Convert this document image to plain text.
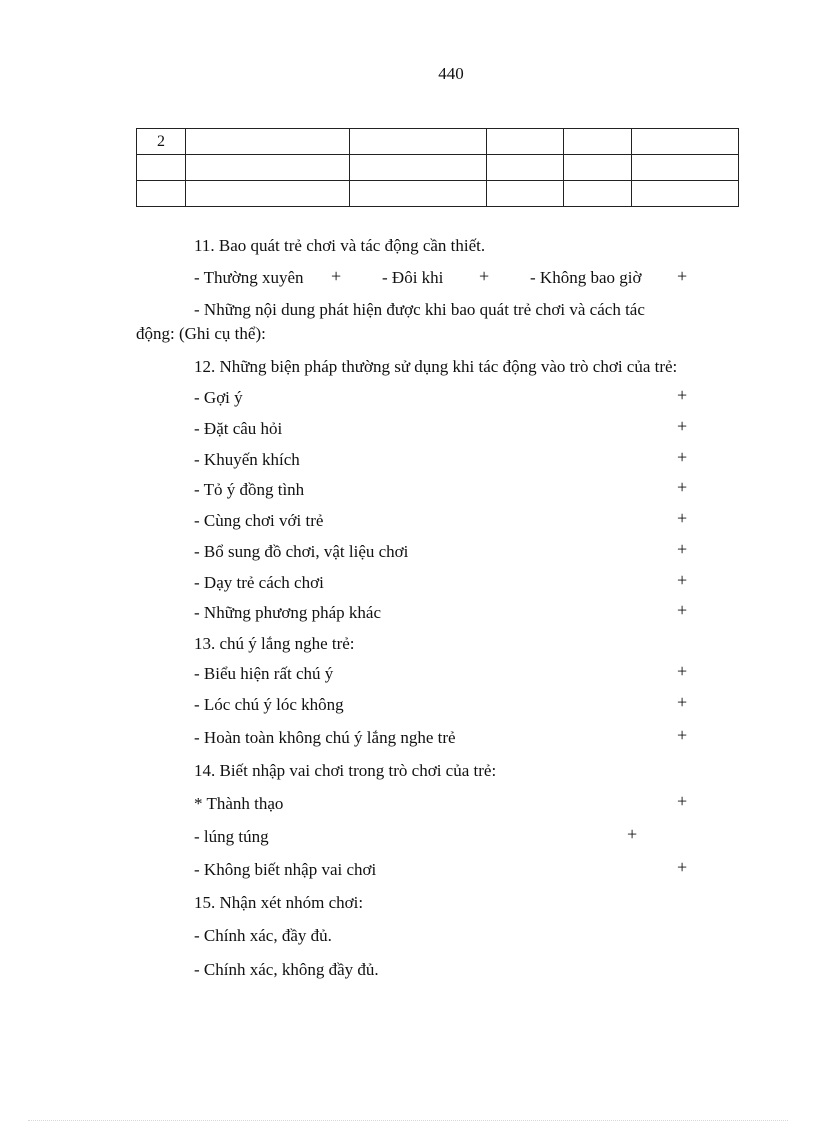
440
2					

11. Bao quát trẻ chơi và tác động cần thiết.
- Thường xuyên + - Đôi khi + - Không bao giờ +
- Những nội dung phát hiện được khi bao quát trẻ chơi và cách tác
động: (Ghi cụ thể):
12. Những biện pháp thường sử dụng khi tác động vào trò chơi của trẻ:
- Gợi ý	+
- Đặt câu hỏi	+
- Khuyến khích	+
- Tỏ ý đồng tình	+
- Cùng chơi với trẻ	+
- Bổ sung đồ chơi, vật liệu chơi	+
- Dạy trẻ cách chơi	+
- Những phương pháp khác	+
13. chú ý lắng nghe trẻ:
- Biểu hiện rất chú ý	+
- Lóc chú ý lóc không	+
- Hoàn toàn không chú ý lắng nghe trẻ	+
14. Biết nhập vai chơi trong trò chơi của trẻ:
* Thành thạo	+
- lúng túng	+
- Không biết nhập vai chơi	+
15. Nhận xét nhóm chơi:
- Chính xác, đầy đủ.
- Chính xác, không đầy đủ.
